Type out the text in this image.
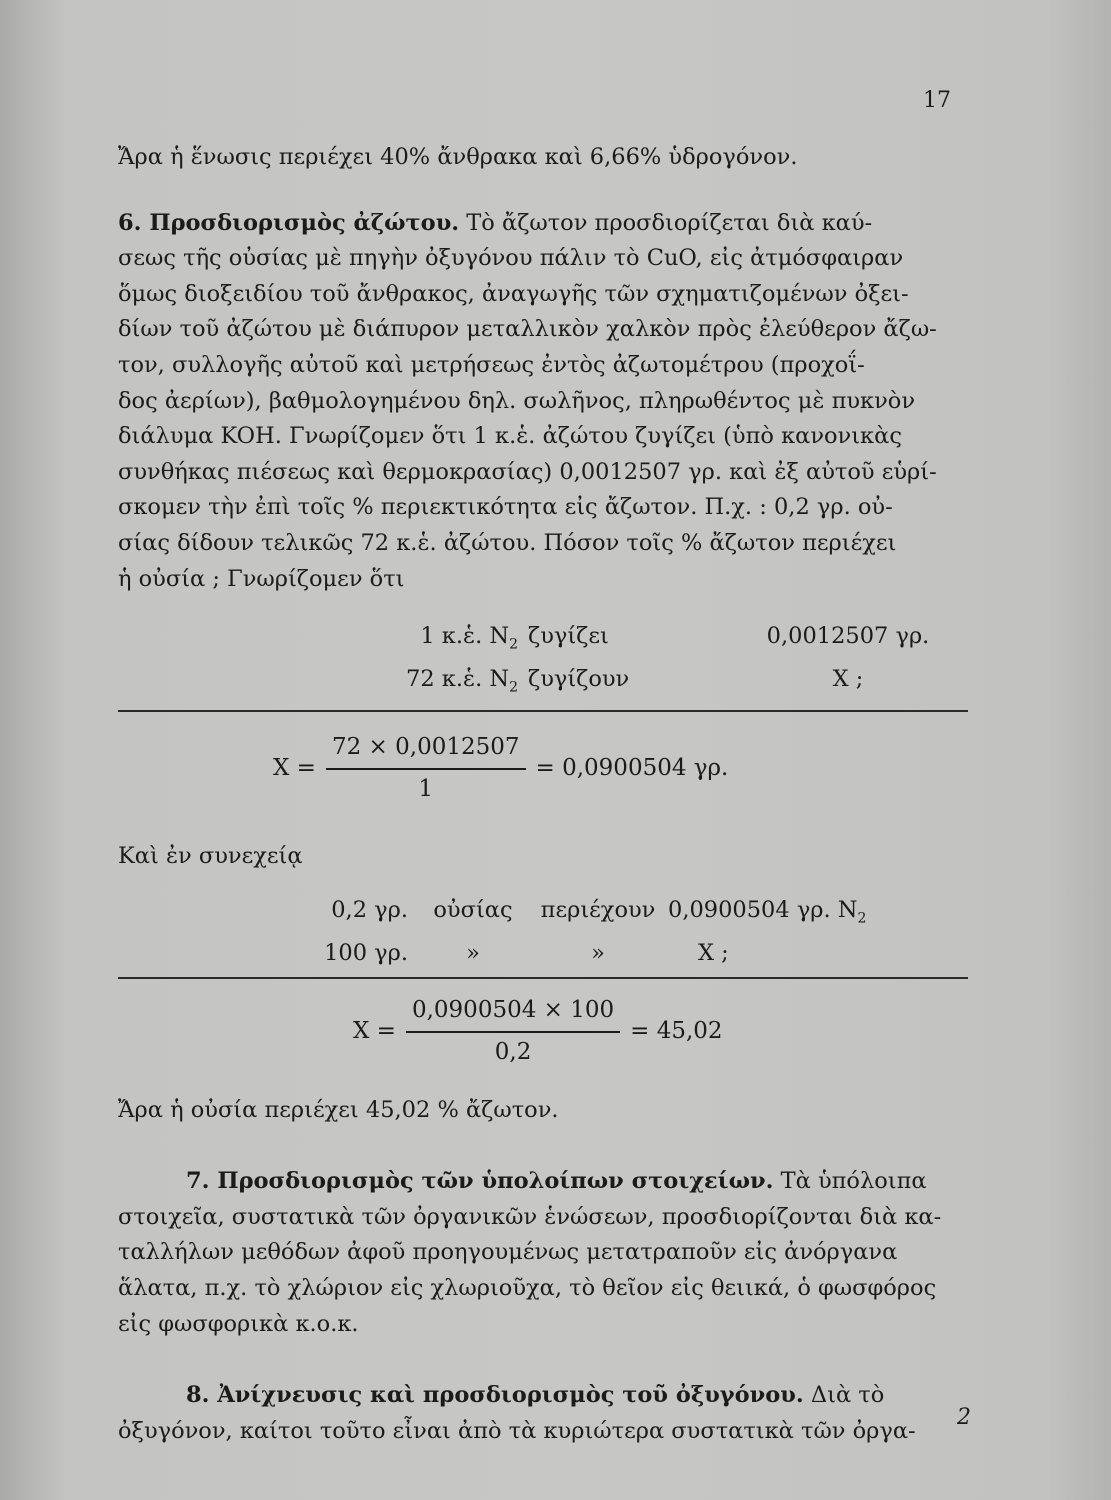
17

Ἄρα ἡ ἕνωσις περιέχει 40% ἄνθρακα καὶ 6,66% ὑδρογόνον.

6. Προσδιορισμὸς ἀζώτου. Τὸ ἄζωτον προσδιορίζεται διὰ καύ-
σεως τῆς οὐσίας μὲ πηγὴν ὀξυγόνου πάλιν τὸ CuO, εἰς ἀτμόσφαιραν
ὅμως διοξειδίου τοῦ ἄνθρακος, ἀναγωγῆς τῶν σχηματιζομένων ὀξει-
δίων τοῦ ἀζώτου μὲ διάπυρον μεταλλικὸν χαλκὸν πρὸς ἐλεύθερον ἄζω-
τον, συλλογῆς αὐτοῦ καὶ μετρήσεως ἐντὸς ἀζωτομέτρου (προχοΐ-
δος ἀερίων), βαθμολογημένου δηλ. σωλῆνος, πληρωθέντος μὲ πυκνὸν
διάλυμα KOH. Γνωρίζομεν ὅτι 1 κ.ἑ. ἀζώτου ζυγίζει (ὑπὸ κανονικὰς
συνθήκας πιέσεως καὶ θερμοκρασίας) 0,0012507 γρ. καὶ ἐξ αὐτοῦ εὑρί-
σκομεν τὴν ἐπὶ τοῖς % περιεκτικότητα εἰς ἄζωτον. Π.χ. : 0,2 γρ. οὐ-
σίας δίδουν τελικῶς 72 κ.ἑ. ἀζώτου. Πόσον τοῖς % ἄζωτον περιέχει
ἡ οὐσία ; Γνωρίζομεν ὅτι

1 κ.ἑ. $N_2$ ζυγίζει	0,0012507 γρ.
72 κ.ἑ. $N_2$ ζυγίζουν	X ;
$X = \frac{72 \times 0,0012507}{1} = 0,0900504$ γρ.

Καὶ ἐν συνεχείᾳ

0,2 γρ.	οὐσίας	περιέχουν 0,0900504 γρ. $N_2$
100 γρ.	»	»	X ;
$X = \frac{0,0900504 \times 100}{0,2} = 45,02$

Ἄρα ἡ οὐσία περιέχει 45,02 % ἄζωτον.

7. Προσδιορισμὸς τῶν ὑπολοίπων στοιχείων. Τὰ ὑπόλοιπα
στοιχεῖα, συστατικὰ τῶν ὀργανικῶν ἑνώσεων, προσδιορίζονται διὰ κα-
ταλλήλων μεθόδων ἀφοῦ προηγουμένως μετατραποῦν εἰς ἀνόργανα
ἅλατα, π.χ. τὸ χλώριον εἰς χλωριοῦχα, τὸ θεῖον εἰς θειικά, ὁ φωσφόρος
εἰς φωσφορικὰ κ.ο.κ.

8. Ἀνίχνευσις καὶ προσδιορισμὸς τοῦ ὀξυγόνου. Διὰ τὸ
ὀξυγόνον, καίτοι τοῦτο εἶναι ἀπὸ τὰ κυριώτερα συστατικὰ τῶν ὀργα-

2
